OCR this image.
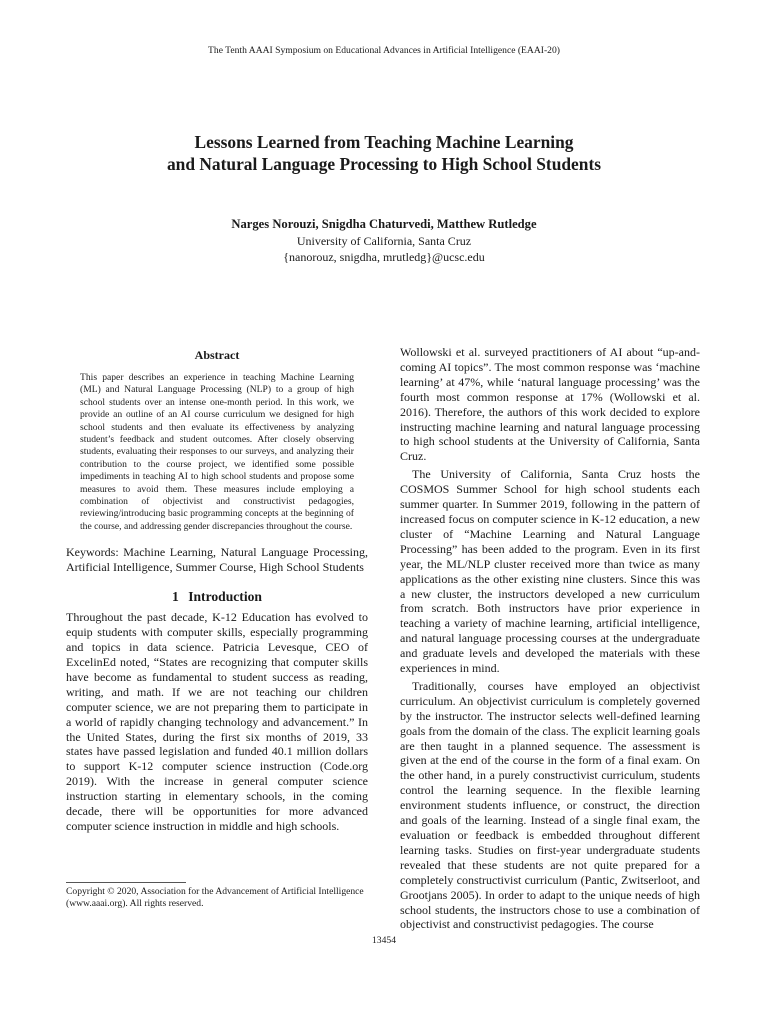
The Tenth AAAI Symposium on Educational Advances in Artificial Intelligence (EAAI-20)
Lessons Learned from Teaching Machine Learning
and Natural Language Processing to High School Students
Narges Norouzi, Snigdha Chaturvedi, Matthew Rutledge
University of California, Santa Cruz
{nanorouz, snigdha, mrutledg}@ucsc.edu
Abstract
This paper describes an experience in teaching Machine Learning (ML) and Natural Language Processing (NLP) to a group of high school students over an intense one-month period. In this work, we provide an outline of an AI course curriculum we designed for high school students and then evaluate its effectiveness by analyzing student’s feedback and student outcomes. After closely observing students, evaluating their responses to our surveys, and analyzing their contribution to the course project, we identified some possible impediments in teaching AI to high school students and propose some measures to avoid them. These measures include employing a combination of objectivist and constructivist pedagogies, reviewing/introducing basic programming concepts at the beginning of the course, and addressing gender discrepancies throughout the course.
Keywords: Machine Learning, Natural Language Processing, Artificial Intelligence, Summer Course, High School Students
1 Introduction
Throughout the past decade, K-12 Education has evolved to equip students with computer skills, especially programming and topics in data science. Patricia Levesque, CEO of ExcelinEd noted, “States are recognizing that computer skills have become as fundamental to student success as reading, writing, and math. If we are not teaching our children computer science, we are not preparing them to participate in a world of rapidly changing technology and advancement.” In the United States, during the first six months of 2019, 33 states have passed legislation and funded 40.1 million dollars to support K-12 computer science instruction (Code.org 2019). With the increase in general computer science instruction starting in elementary schools, in the coming decade, there will be opportunities for more advanced computer science instruction in middle and high schools.
Copyright © 2020, Association for the Advancement of Artificial Intelligence (www.aaai.org). All rights reserved.
Wollowski et al. surveyed practitioners of AI about “up-and-coming AI topics”. The most common response was ‘machine learning’ at 47%, while ‘natural language processing’ was the fourth most common response at 17% (Wollowski et al. 2016). Therefore, the authors of this work decided to explore instructing machine learning and natural language processing to high school students at the University of California, Santa Cruz.
The University of California, Santa Cruz hosts the COSMOS Summer School for high school students each summer quarter. In Summer 2019, following in the pattern of increased focus on computer science in K-12 education, a new cluster of “Machine Learning and Natural Language Processing” has been added to the program. Even in its first year, the ML/NLP cluster received more than twice as many applications as the other existing nine clusters. Since this was a new cluster, the instructors developed a new curriculum from scratch. Both instructors have prior experience in teaching a variety of machine learning, artificial intelligence, and natural language processing courses at the undergraduate and graduate levels and developed the materials with these experiences in mind.
Traditionally, courses have employed an objectivist curriculum. An objectivist curriculum is completely governed by the instructor. The instructor selects well-defined learning goals from the domain of the class. The explicit learning goals are then taught in a planned sequence. The assessment is given at the end of the course in the form of a final exam. On the other hand, in a purely constructivist curriculum, students control the learning sequence. In the flexible learning environment students influence, or construct, the direction and goals of the learning. Instead of a single final exam, the evaluation or feedback is embedded throughout different learning tasks. Studies on first-year undergraduate students revealed that these students are not quite prepared for a completely constructivist curriculum (Pantic, Zwitserloot, and Grootjans 2005). In order to adapt to the unique needs of high school students, the instructors chose to use a combination of objectivist and constructivist pedagogies. The course
13454
